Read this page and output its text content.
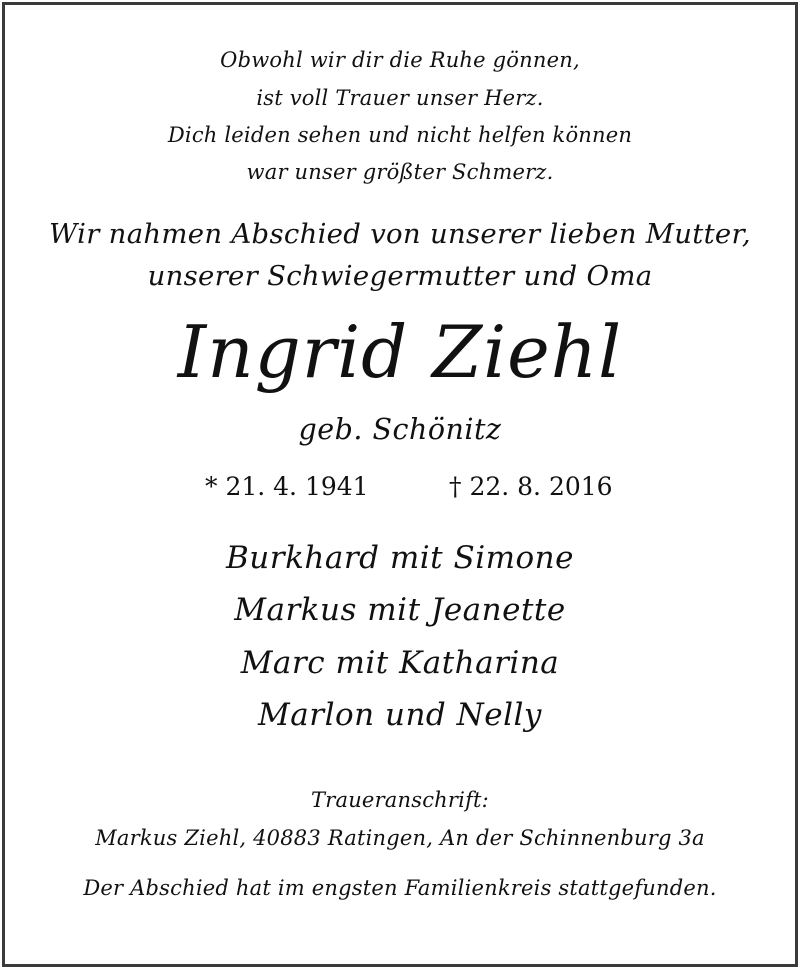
Obwohl wir dir die Ruhe gönnen,
ist voll Trauer unser Herz.
Dich leiden sehen und nicht helfen können
war unser größter Schmerz.
Wir nahmen Abschied von unserer lieben Mutter,
unserer Schwiegermutter und Oma
Ingrid Ziehl
geb. Schönitz
* 21. 4. 1941	† 22. 8. 2016
Burkhard mit Simone
Markus mit Jeanette
Marc mit Katharina
Marlon und Nelly
Traueranschrift:
Markus Ziehl, 40883 Ratingen, An der Schinnenburg 3a
Der Abschied hat im engsten Familienkreis stattgefunden.
